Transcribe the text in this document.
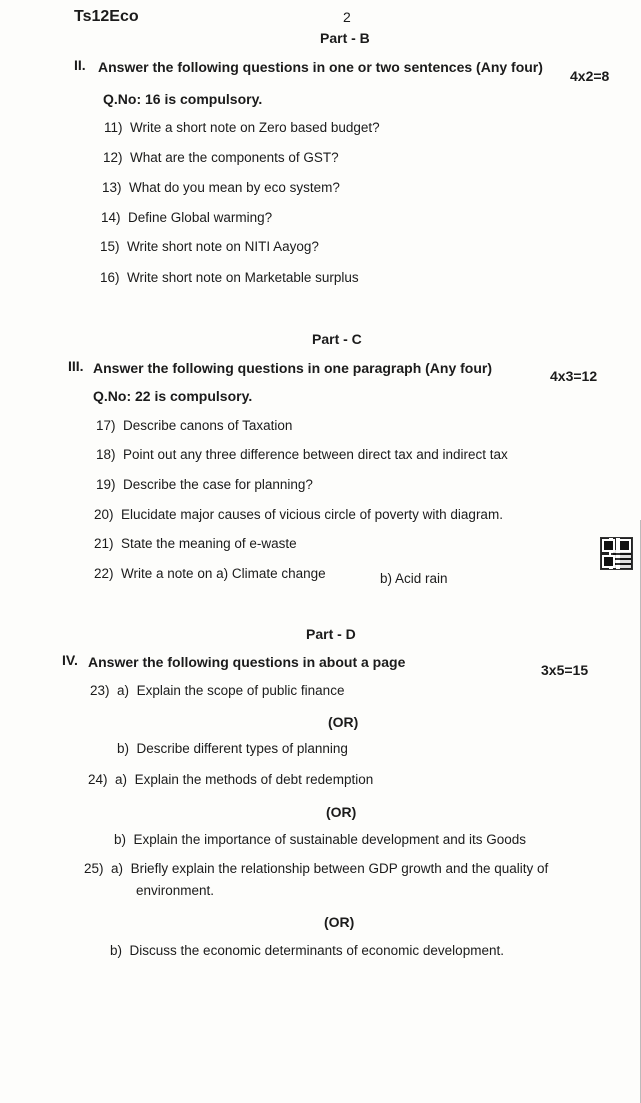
Ts12Eco	2
Part - B
II. Answer the following questions in one or two sentences (Any four)
4x2=8
Q.No: 16 is compulsory.
11) Write a short note on Zero based budget?
12) What are the components of GST?
13) What do you mean by eco system?
14) Define Global warming?
15) Write short note on NITI Aayog?
16) Write short note on Marketable surplus
Part - C
III. Answer the following questions in one paragraph (Any four)	4x3=12
Q.No: 22 is compulsory.
17) Describe canons of Taxation
18) Point out any three difference between direct tax and indirect tax
19) Describe the case for planning?
20) Elucidate major causes of vicious circle of poverty with diagram.
21) State the meaning of e-waste
22) Write a note on a) Climate change	b) Acid rain
Part - D
IV. Answer the following questions in about a page	3x5=15
23) a) Explain the scope of public finance
(OR)
b) Describe different types of planning
24) a) Explain the methods of debt redemption
(OR)
b) Explain the importance of sustainable development and its Goods
25) a) Briefly explain the relationship between GDP growth and the quality of
environment.
(OR)
b) Discuss the economic determinants of economic development.
